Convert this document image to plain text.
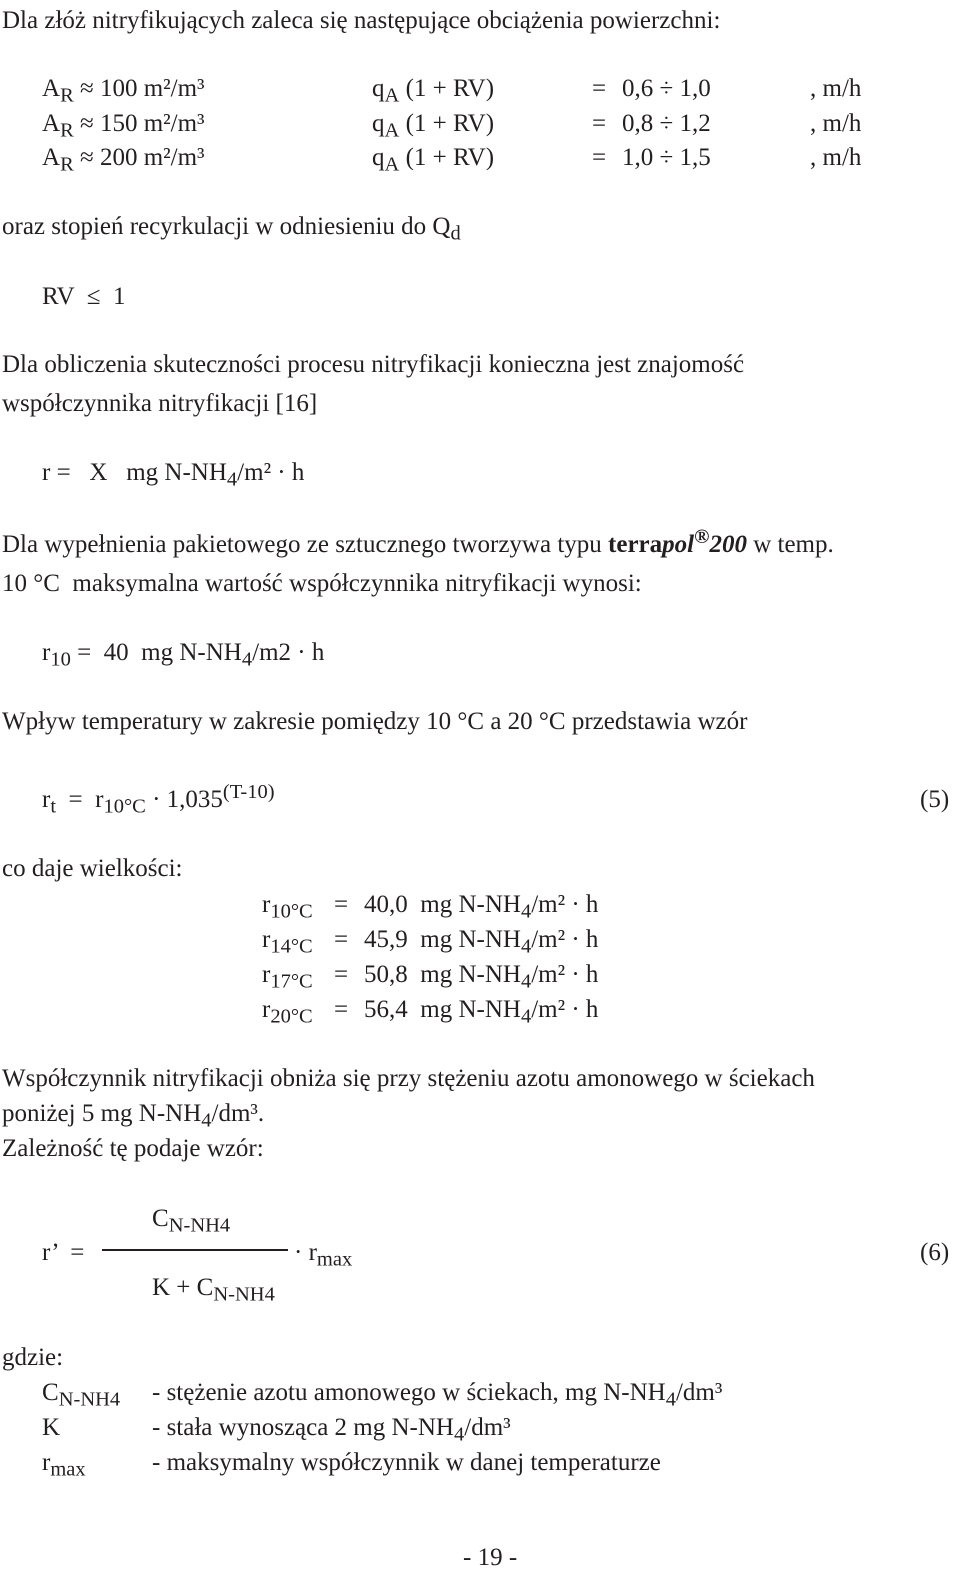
Dla złóż nitryfikujących zaleca się następujące obciążenia powierzchni:
$A_R \approx 100$ m²/m³	$q_A$ (1 + RV)	= 0,6 ÷ 1,0	, m/h
$A_R \approx 150$ m²/m³	$q_A$ (1 + RV)	= 0,8 ÷ 1,2	, m/h
$A_R \approx 200$ m²/m³	$q_A$ (1 + RV)	= 1,0 ÷ 1,5	, m/h
oraz stopień recyrkulacji w odniesieniu do $Q_d$
RV  ≤  1
Dla obliczenia skuteczności procesu nitryfikacji konieczna jest znajomość
współczynnika nitryfikacji [16]
r =   X   mg $N-NH_4/m^2 \cdot h$
Dla wypełnienia pakietowego ze sztucznego tworzywa typu terrapol®200 w temp.
10 °C  maksymalna wartość współczynnika nitryfikacji wynosi:
$r_{10} = 40$  mg $N-NH_4/m2 \cdot h$
Wpływ temperatury w zakresie pomiędzy 10 °C a 20 °C przedstawia wzór
$r_t = r_{10^\circ C} \cdot 1,035^{(T-10)}$	(5)
co daje wielkości:
$r_{10^\circ C} = 40,0$  mg $N-NH_4/m^2 \cdot h$
$r_{14^\circ C} = 45,9$  mg $N-NH_4/m^2 \cdot h$
$r_{17^\circ C} = 50,8$  mg $N-NH_4/m^2 \cdot h$
$r_{20^\circ C} = 56,4$  mg $N-NH_4/m^2 \cdot h$
Współczynnik nitryfikacji obniża się przy stężeniu azotu amonowego w ściekach
poniżej 5 mg $N-NH_4$/dm³.
Zależność tę podaje wzór:
r’  =
$C_{N-NH4}$
$K + C_{N-NH4}$
· $r_{max}$	(6)
gdzie:
$C_{N-NH4}$ - stężenie azotu amonowego w ściekach, mg $N-NH_4$/dm³
K	- stała wynosząca 2 mg $N-NH_4$/dm³
$r_{max}$	- maksymalny współczynnik w danej temperaturze
- 19 -
